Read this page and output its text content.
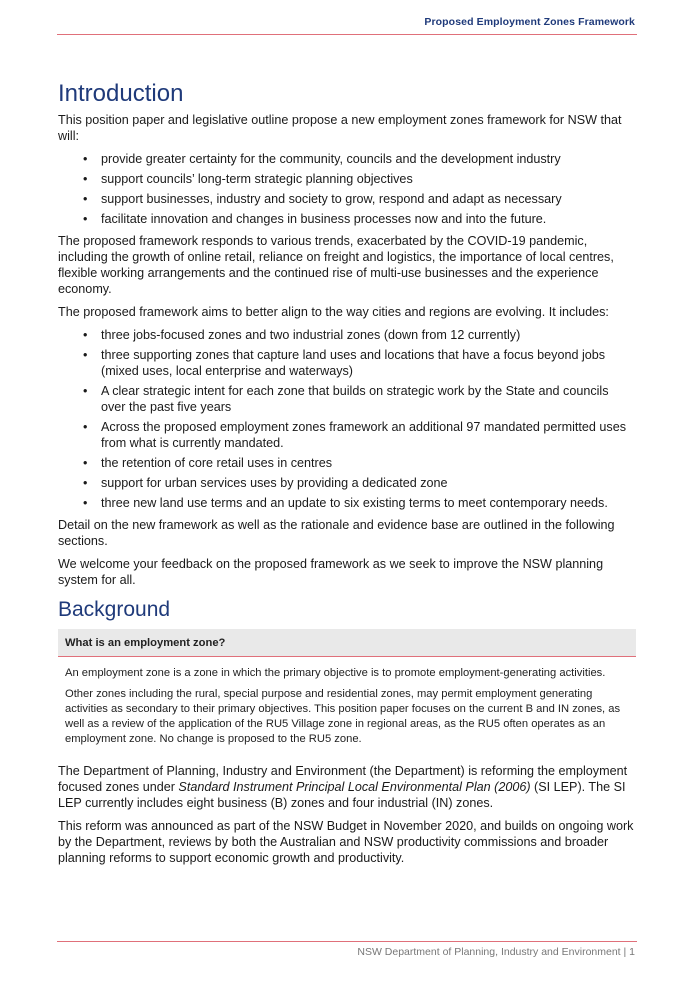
Proposed Employment Zones Framework
Introduction

This position paper and legislative outline propose a new employment zones framework for NSW that will:

• provide greater certainty for the community, councils and the development industry
• support councils’ long-term strategic planning objectives
• support businesses, industry and society to grow, respond and adapt as necessary
• facilitate innovation and changes in business processes now and into the future.

The proposed framework responds to various trends, exacerbated by the COVID-19 pandemic, including the growth of online retail, reliance on freight and logistics, the importance of local centres, flexible working arrangements and the continued rise of multi-use businesses and the experience economy.

The proposed framework aims to better align to the way cities and regions are evolving. It includes:

• three jobs-focused zones and two industrial zones (down from 12 currently)
• three supporting zones that capture land uses and locations that have a focus beyond jobs (mixed uses, local enterprise and waterways)
• A clear strategic intent for each zone that builds on strategic work by the State and councils over the past five years
• Across the proposed employment zones framework an additional 97 mandated permitted uses from what is currently mandated.
• the retention of core retail uses in centres
• support for urban services uses by providing a dedicated zone
• three new land use terms and an update to six existing terms to meet contemporary needs.

Detail on the new framework as well as the rationale and evidence base are outlined in the following sections.

We welcome your feedback on the proposed framework as we seek to improve the NSW planning system for all.

Background
What is an employment zone?

An employment zone is a zone in which the primary objective is to promote employment-generating activities.

Other zones including the rural, special purpose and residential zones, may permit employment generating activities as secondary to their primary objectives. This position paper focuses on the current B and IN zones, as well as a review of the application of the RU5 Village zone in regional areas, as the RU5 often operates as an employment zone. No change is proposed to the RU5 zone.

The Department of Planning, Industry and Environment (the Department) is reforming the employment focused zones under Standard Instrument Principal Local Environmental Plan (2006) (SI LEP). The SI LEP currently includes eight business (B) zones and four industrial (IN) zones.

This reform was announced as part of the NSW Budget in November 2020, and builds on ongoing work by the Department, reviews by both the Australian and NSW productivity commissions and broader planning reforms to support economic growth and productivity.

NSW Department of Planning, Industry and Environment | 1
